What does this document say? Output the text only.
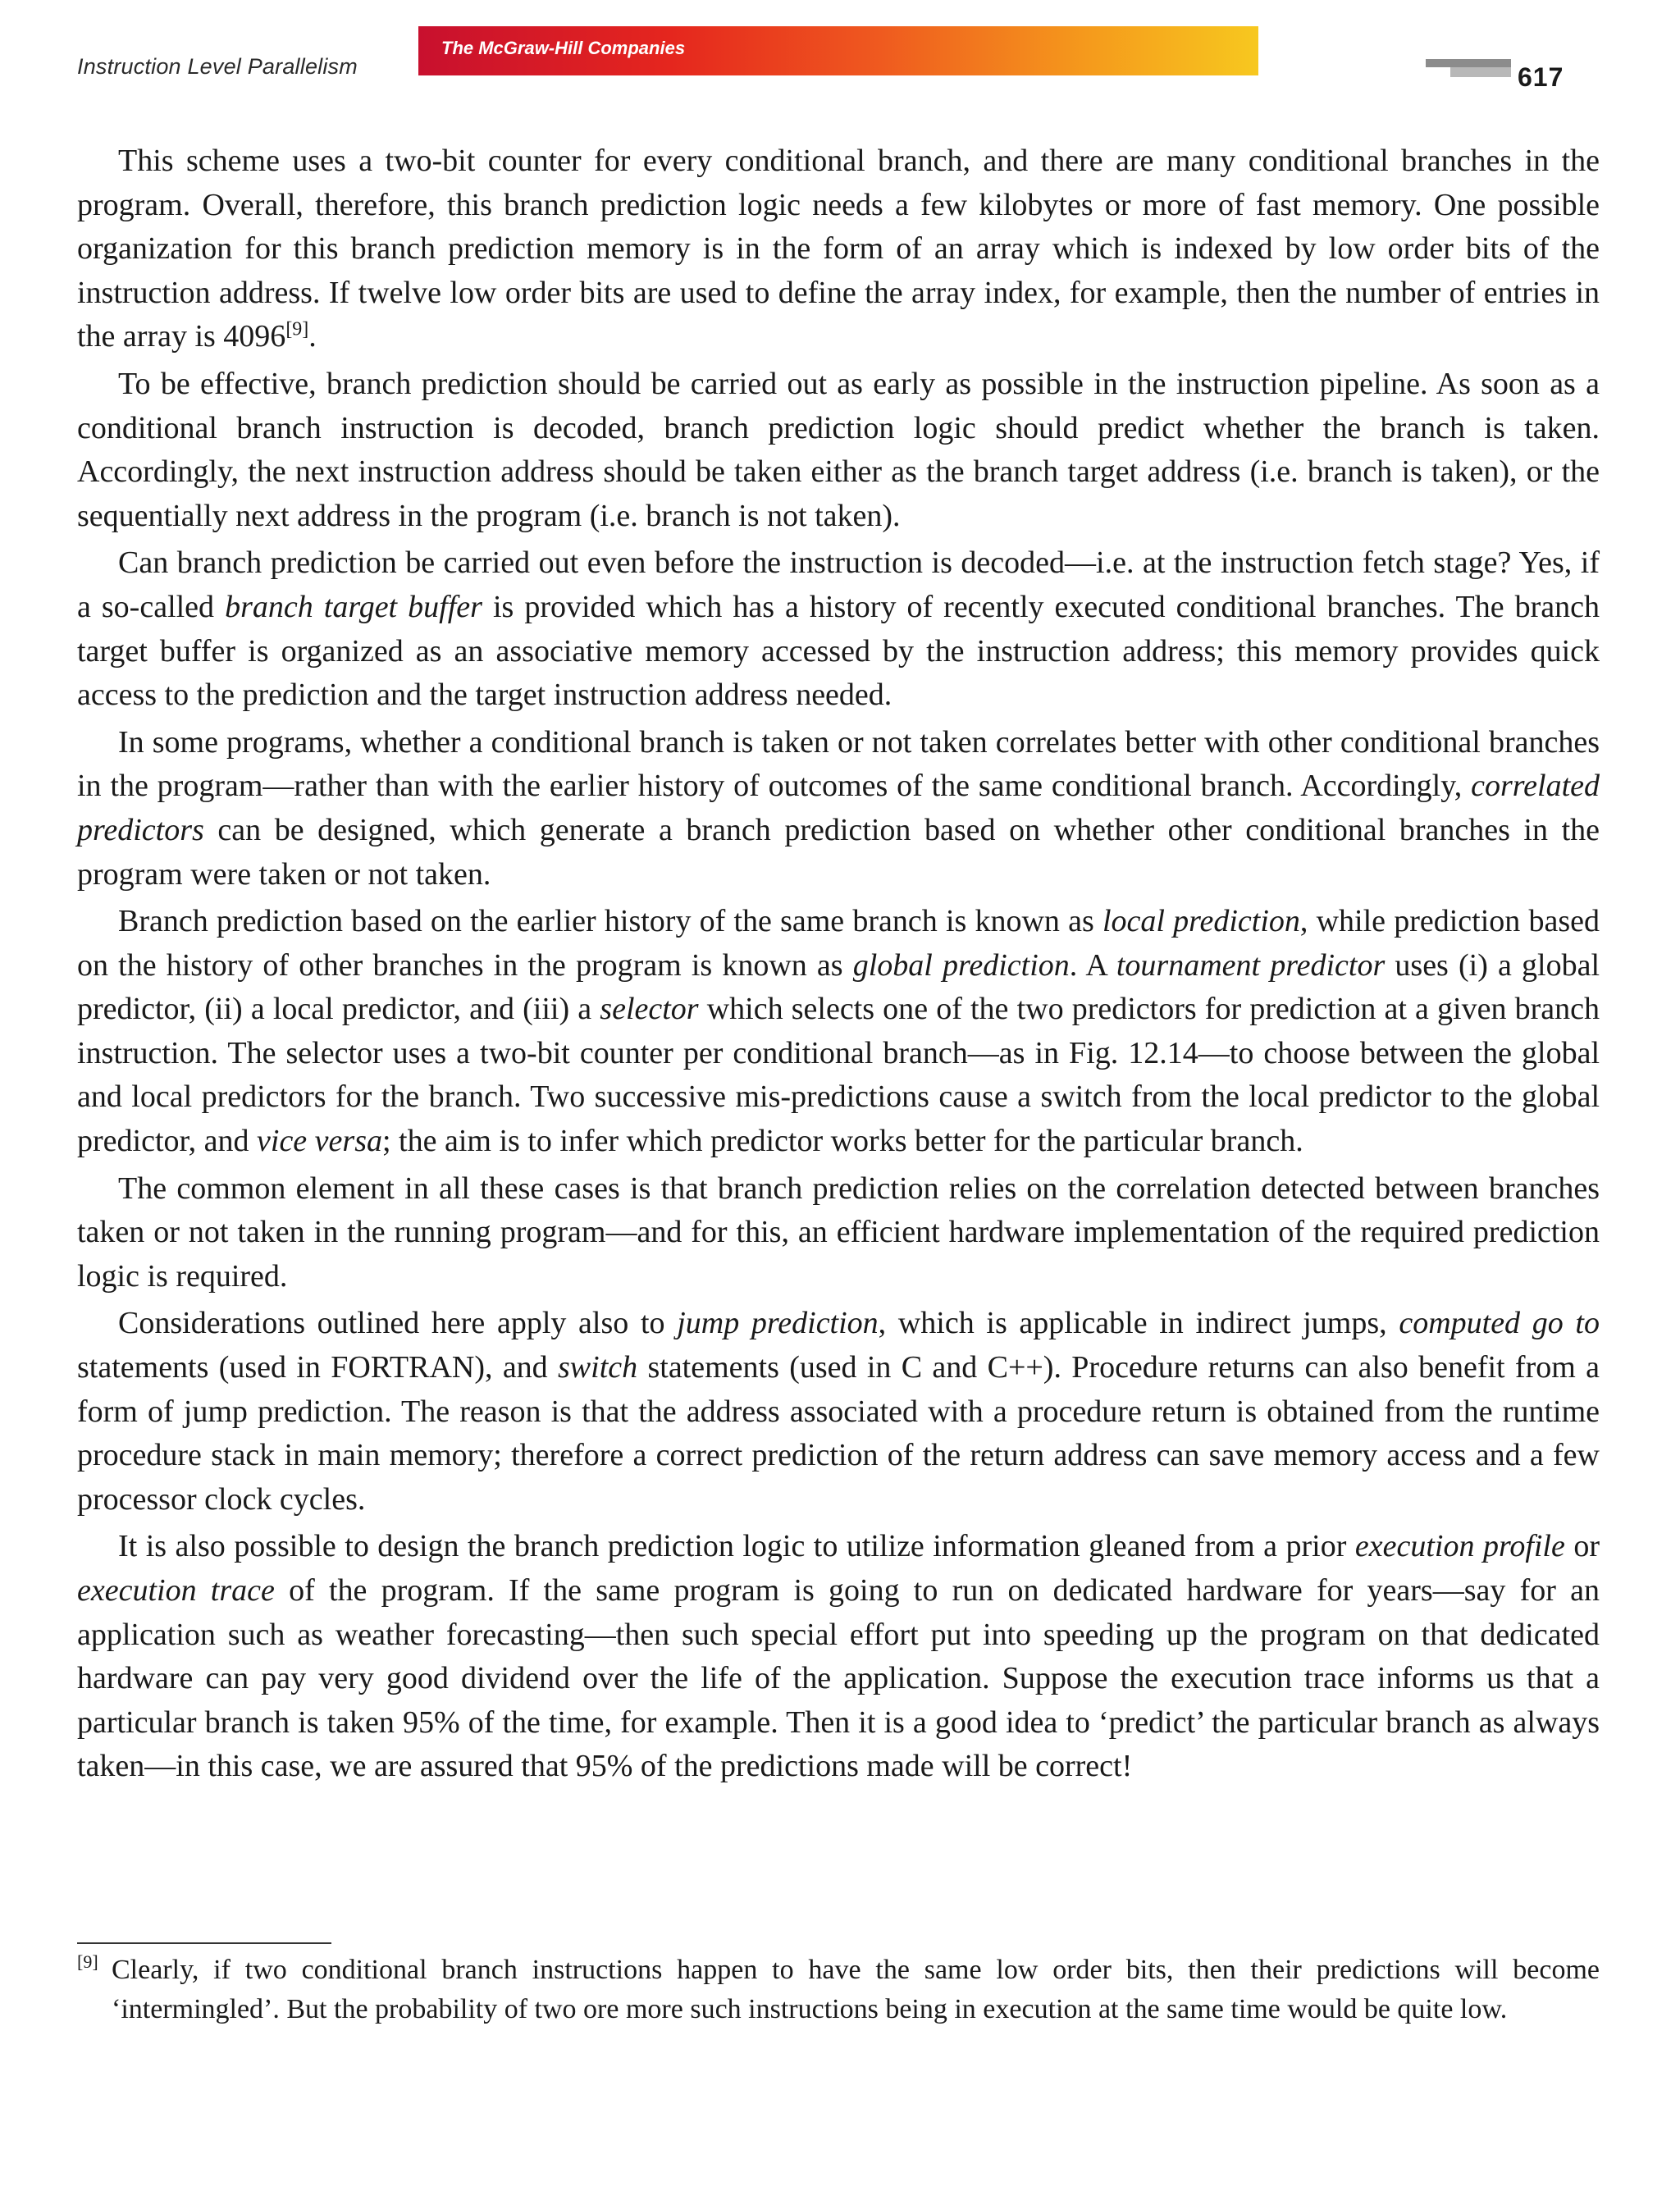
Instruction Level Parallelism
The McGraw-Hill Companies
617

This scheme uses a two-bit counter for every conditional branch, and there are many conditional branches in the program. Overall, therefore, this branch prediction logic needs a few kilobytes or more of fast memory. One possible organization for this branch prediction memory is in the form of an array which is indexed by low order bits of the instruction address. If twelve low order bits are used to define the array index, for example, then the number of entries in the array is 4096[9].

To be effective, branch prediction should be carried out as early as possible in the instruction pipeline. As soon as a conditional branch instruction is decoded, branch prediction logic should predict whether the branch is taken. Accordingly, the next instruction address should be taken either as the branch target address (i.e. branch is taken), or the sequentially next address in the program (i.e. branch is not taken).

Can branch prediction be carried out even before the instruction is decoded—i.e. at the instruction fetch stage? Yes, if a so-called branch target buffer is provided which has a history of recently executed conditional branches. The branch target buffer is organized as an associative memory accessed by the instruction address; this memory provides quick access to the prediction and the target instruction address needed.

In some programs, whether a conditional branch is taken or not taken correlates better with other conditional branches in the program—rather than with the earlier history of outcomes of the same conditional branch. Accordingly, correlated predictors can be designed, which generate a branch prediction based on whether other conditional branches in the program were taken or not taken.

Branch prediction based on the earlier history of the same branch is known as local prediction, while prediction based on the history of other branches in the program is known as global prediction. A tournament predictor uses (i) a global predictor, (ii) a local predictor, and (iii) a selector which selects one of the two predictors for prediction at a given branch instruction. The selector uses a two-bit counter per conditional branch—as in Fig. 12.14—to choose between the global and local predictors for the branch. Two successive mis-predictions cause a switch from the local predictor to the global predictor, and vice versa; the aim is to infer which predictor works better for the particular branch.

The common element in all these cases is that branch prediction relies on the correlation detected between branches taken or not taken in the running program—and for this, an efficient hardware implementation of the required prediction logic is required.

Considerations outlined here apply also to jump prediction, which is applicable in indirect jumps, computed go to statements (used in FORTRAN), and switch statements (used in C and C++). Procedure returns can also benefit from a form of jump prediction. The reason is that the address associated with a procedure return is obtained from the runtime procedure stack in main memory; therefore a correct prediction of the return address can save memory access and a few processor clock cycles.

It is also possible to design the branch prediction logic to utilize information gleaned from a prior execution profile or execution trace of the program. If the same program is going to run on dedicated hardware for years—say for an application such as weather forecasting—then such special effort put into speeding up the program on that dedicated hardware can pay very good dividend over the life of the application. Suppose the execution trace informs us that a particular branch is taken 95% of the time, for example. Then it is a good idea to ‘predict’ the particular branch as always taken—in this case, we are assured that 95% of the predictions made will be correct!

[9] Clearly, if two conditional branch instructions happen to have the same low order bits, then their predictions will become ‘intermingled’. But the probability of two ore more such instructions being in execution at the same time would be quite low.
